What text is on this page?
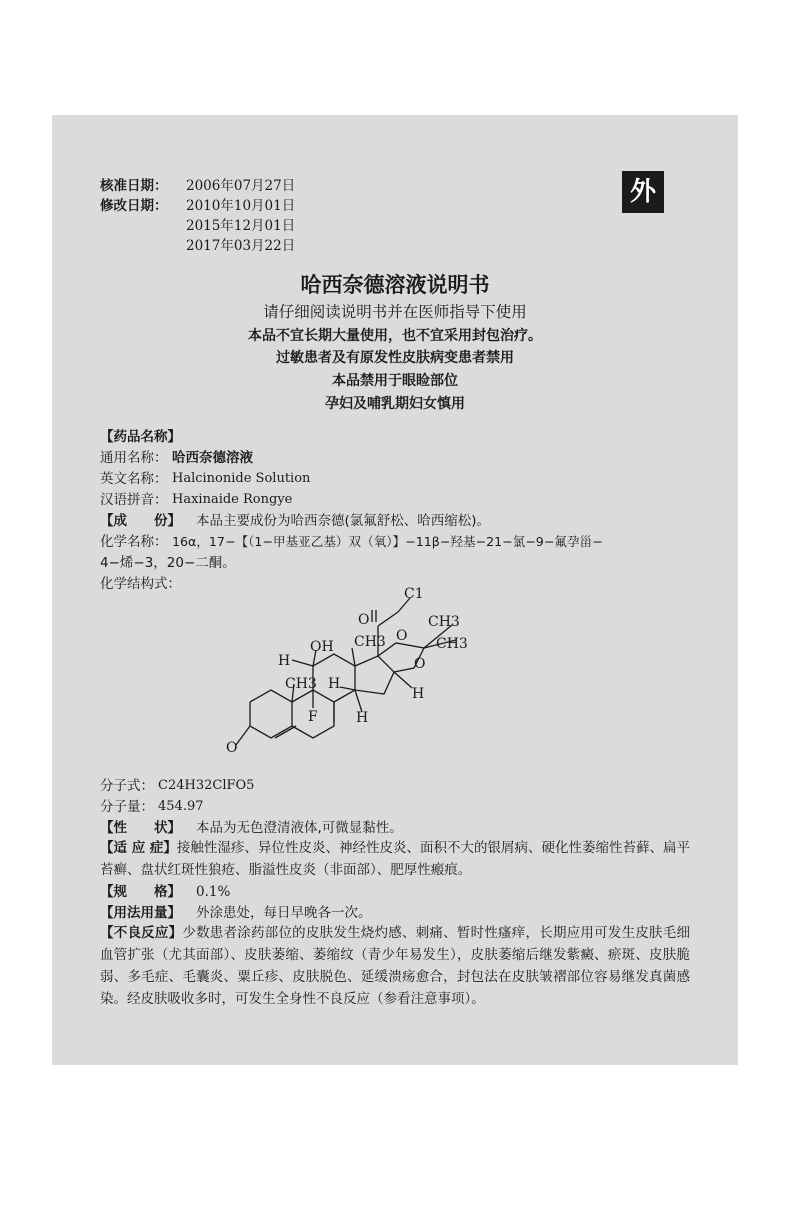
核准日期： 2006年07月27日
修改日期： 2010年10月01日
2015年12月01日
2017年03月22日
外
哈西奈德溶液说明书
请仔细阅读说明书并在医师指导下使用
本品不宜长期大量使用，也不宜采用封包治疗。
过敏患者及有原发性皮肤病变患者禁用
本品禁用于眼睑部位
孕妇及哺乳期妇女慎用
【药品名称】
通用名称： 哈西奈德溶液
英文名称： Halcinonide Solution
汉语拼音： Haxinaide Rongye
【成　　份】 本品主要成份为哈西奈德(氯氟舒松、哈西缩松)。
化学名称： 16α，17−【（1−甲基亚乙基）双（氧）】−11β−羟基−21−氯−9−氟孕甾−
4−烯−3，20−二酮。
化学结构式：
C1
O	CH3
CH3
O
O
OH CH3
H
CH3 H
H
F	H
O
分子式： C24H32ClFO5
分子量： 454.97
【性　　状】 本品为无色澄清液体,可微显黏性。
【适 应 症】接触性湿疹、异位性皮炎、神经性皮炎、面积不大的银屑病、硬化性萎缩性苔藓、扁平苔癣、盘状红斑性狼疮、脂溢性皮炎（非面部）、肥厚性瘢痕。
【规　　格】 0.1%
【用法用量】 外涂患处，每日早晚各一次。
【不良反应】少数患者涂药部位的皮肤发生烧灼感、刺痛、暂时性瘙痒，长期应用可发生皮肤毛细血管扩张（尤其面部）、皮肤萎缩、萎缩纹（青少年易发生），皮肤萎缩后继发紫癜、瘀斑、皮肤脆弱、多毛症、毛囊炎、粟丘疹、皮肤脱色、延缓溃疡愈合，封包法在皮肤皱褶部位容易继发真菌感染。经皮肤吸收多时，可发生全身性不良反应（参看注意事项）。
